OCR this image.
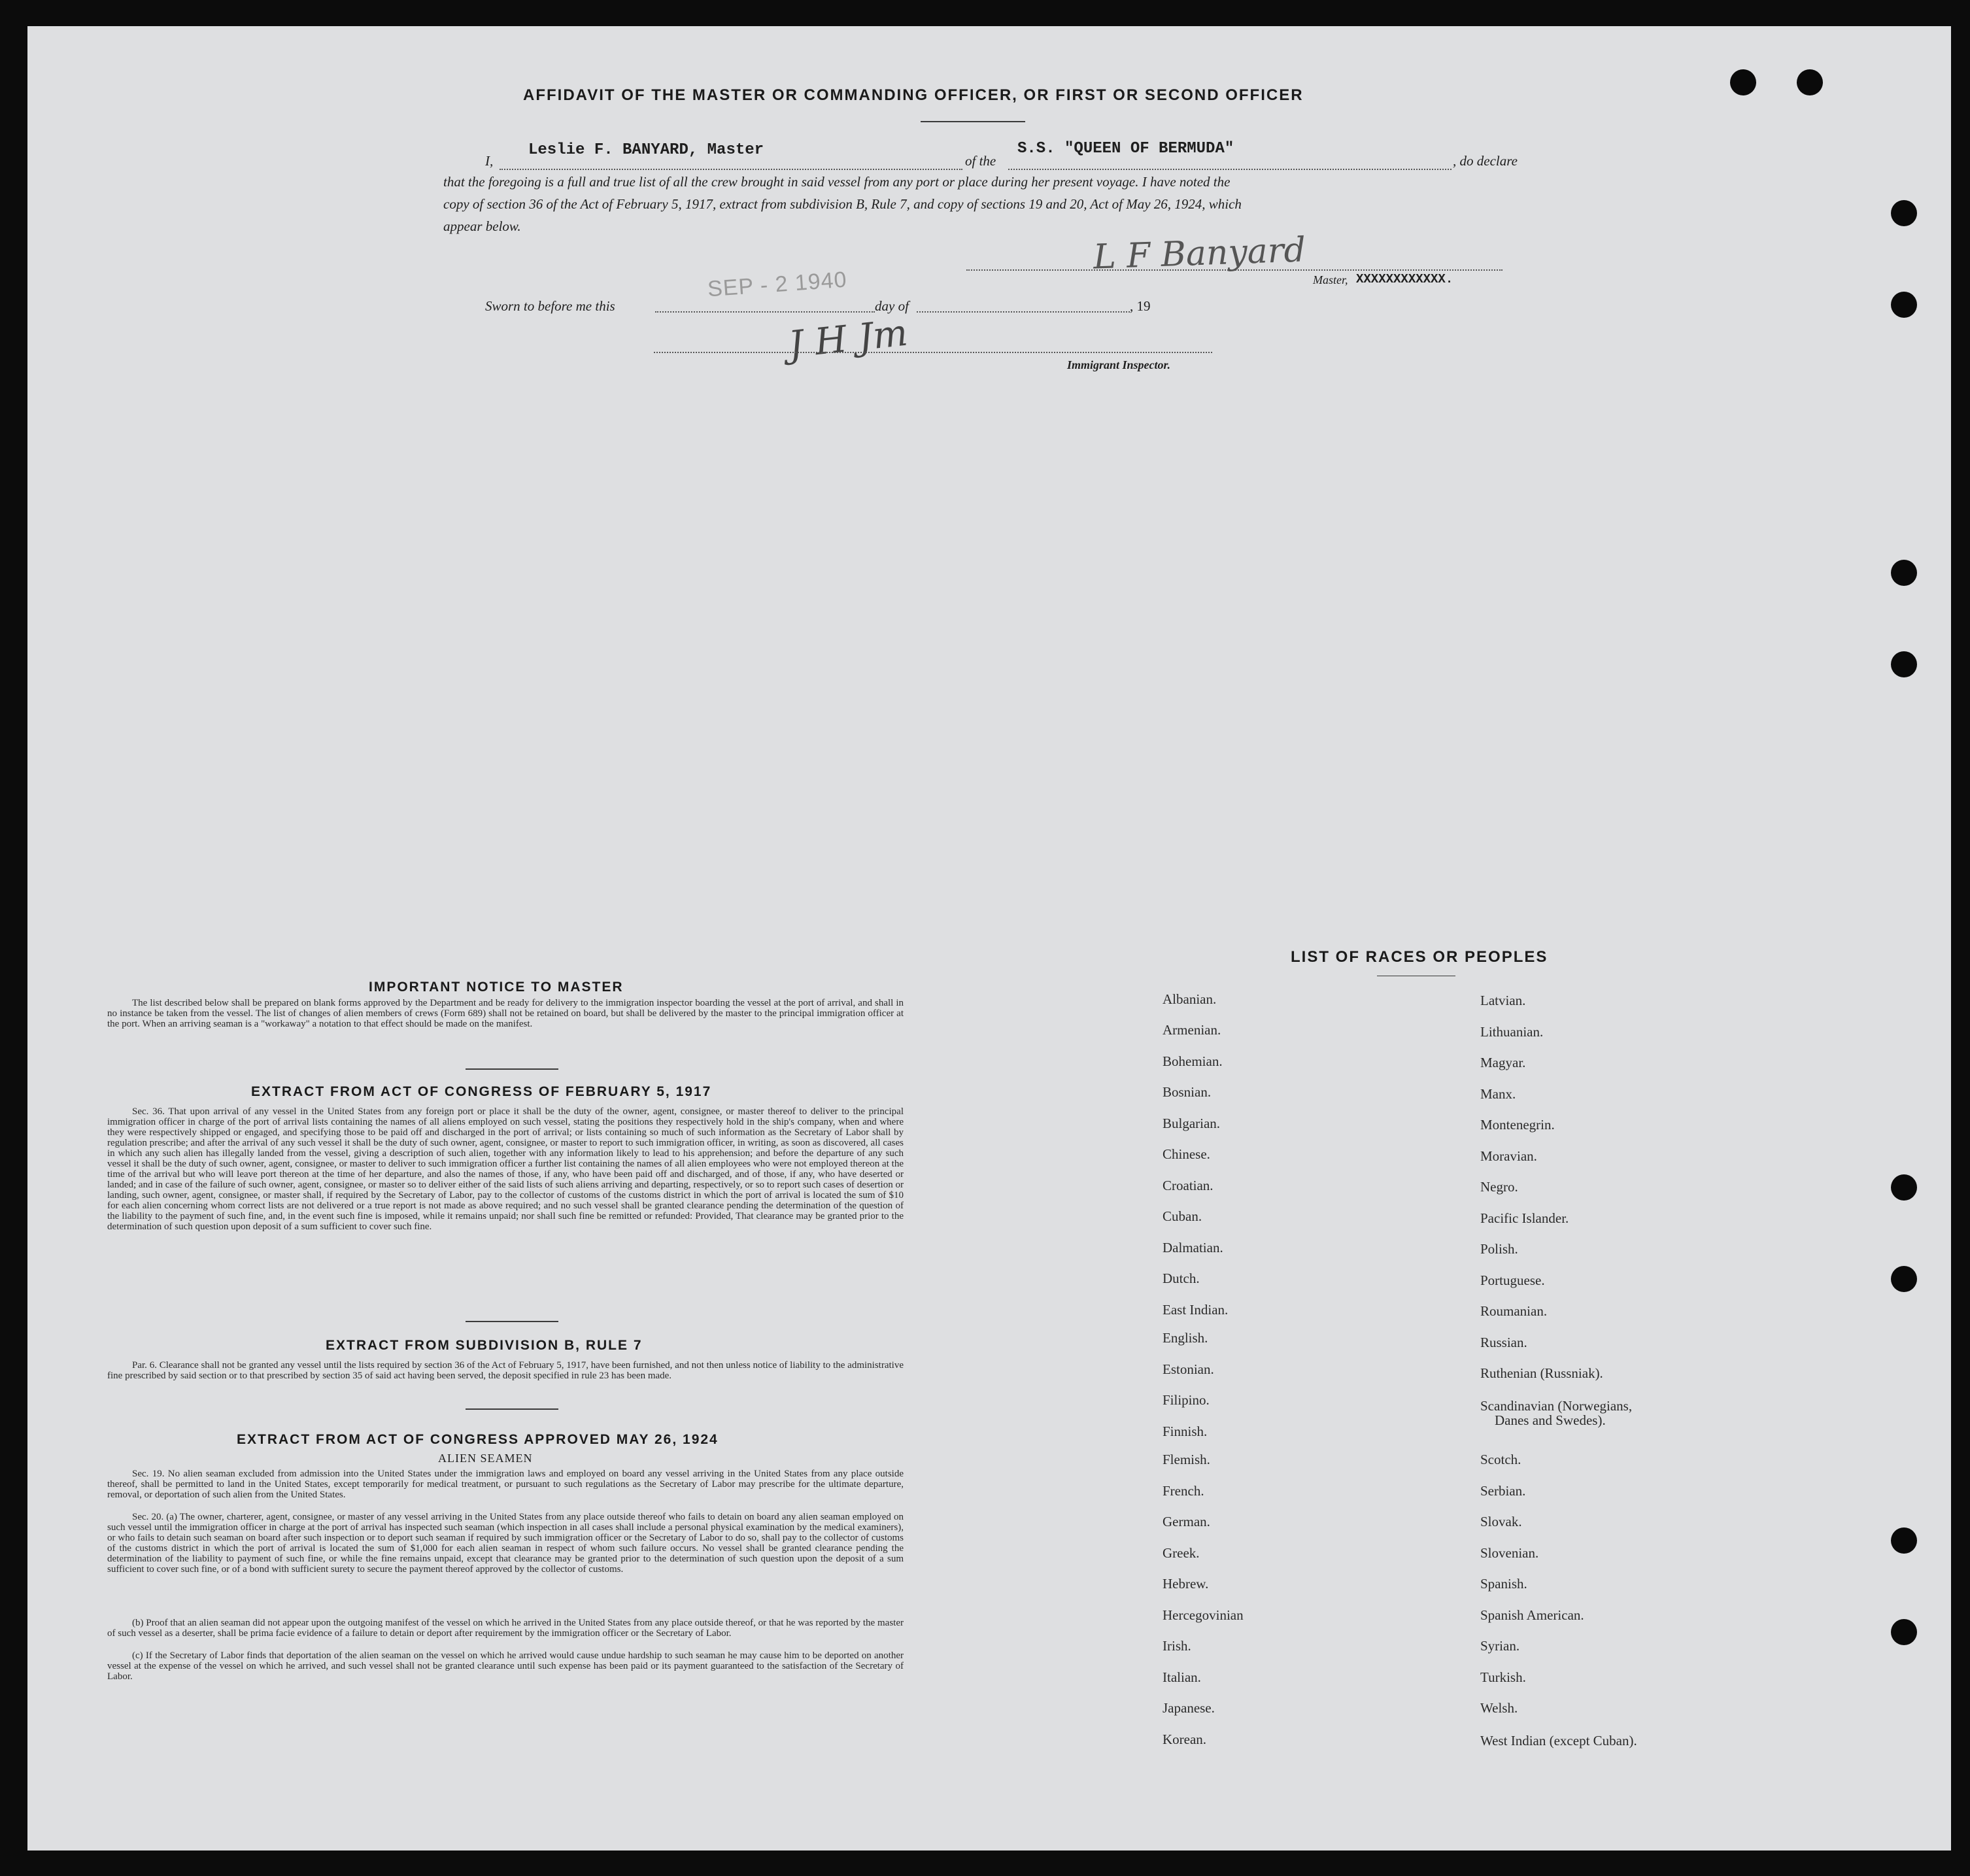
AFFIDAVIT OF THE MASTER OR COMMANDING OFFICER, OR FIRST OR SECOND OFFICER
I,
Leslie F. BANYARD, Master
of the
S.S. "QUEEN OF BERMUDA"
, do declare
that the foregoing is a full and true list of all the crew brought in said vessel from any port or place during her present voyage. I have noted the
copy of section 36 of the Act of February 5, 1917, extract from subdivision B, Rule 7, and copy of sections 19 and 20, Act of May 26, 1924, which
appear below.
L F Banyard
Master, XXXXXXXXXXXX.
Sworn to before me this
SEP - 2 1940
day of	, 19
J H Jm	Immigrant Inspector.
IMPORTANT NOTICE TO MASTER
The list described below shall be prepared on blank forms approved by the Department and be ready for delivery to the immigration inspector boarding the vessel at the port of arrival, and shall in no instance be taken from the vessel. The list of changes of alien members of crews (Form 689) shall not be retained on board, but shall be delivered by the master to the principal immigration officer at the port. When an arriving seaman is a "workaway" a notation to that effect should be made on the manifest.
EXTRACT FROM ACT OF CONGRESS OF FEBRUARY 5, 1917
Sec. 36. That upon arrival of any vessel in the United States from any foreign port or place it shall be the duty of the owner, agent, consignee, or master thereof to deliver to the principal immigration officer in charge of the port of arrival lists containing the names of all aliens employed on such vessel, stating the positions they respectively hold in the ship's company, when and where they were respectively shipped or engaged, and specifying those to be paid off and discharged in the port of arrival; or lists containing so much of such information as the Secretary of Labor shall by regulation prescribe; and after the arrival of any such vessel it shall be the duty of such owner, agent, consignee, or master to report to such immigration officer, in writing, as soon as discovered, all cases in which any such alien has illegally landed from the vessel, giving a description of such alien, together with any information likely to lead to his apprehension; and before the departure of any such vessel it shall be the duty of such owner, agent, consignee, or master to deliver to such immigration officer a further list containing the names of all alien employees who were not employed thereon at the time of the arrival but who will leave port thereon at the time of her departure, and also the names of those, if any, who have been paid off and discharged, and of those, if any, who have deserted or landed; and in case of the failure of such owner, agent, consignee, or master so to deliver either of the said lists of such aliens arriving and departing, respectively, or so to report such cases of desertion or landing, such owner, agent, consignee, or master shall, if required by the Secretary of Labor, pay to the collector of customs of the customs district in which the port of arrival is located the sum of $10 for each alien concerning whom correct lists are not delivered or a true report is not made as above required; and no such vessel shall be granted clearance pending the determination of the question of the liability to the payment of such fine, and, in the event such fine is imposed, while it remains unpaid; nor shall such fine be remitted or refunded: Provided, That clearance may be granted prior to the determination of such question upon deposit of a sum sufficient to cover such fine.
EXTRACT FROM SUBDIVISION B, RULE 7
Par. 6. Clearance shall not be granted any vessel until the lists required by section 36 of the Act of February 5, 1917, have been furnished, and not then unless notice of liability to the administrative fine prescribed by said section or to that prescribed by section 35 of said act having been served, the deposit specified in rule 23 has been made.
EXTRACT FROM ACT OF CONGRESS APPROVED MAY 26, 1924
ALIEN SEAMEN
Sec. 19. No alien seaman excluded from admission into the United States under the immigration laws and employed on board any vessel arriving in the United States from any place outside thereof, shall be permitted to land in the United States, except temporarily for medical treatment, or pursuant to such regulations as the Secretary of Labor may prescribe for the ultimate departure, removal, or deportation of such alien from the United States.
Sec. 20. (a) The owner, charterer, agent, consignee, or master of any vessel arriving in the United States from any place outside thereof who fails to detain on board any alien seaman employed on such vessel until the immigration officer in charge at the port of arrival has inspected such seaman (which inspection in all cases shall include a personal physical examination by the medical examiners), or who fails to detain such seaman on board after such inspection or to deport such seaman if required by such immigration officer or the Secretary of Labor to do so, shall pay to the collector of customs of the customs district in which the port of arrival is located the sum of $1,000 for each alien seaman in respect of whom such failure occurs. No vessel shall be granted clearance pending the determination of the liability to payment of such fine, or while the fine remains unpaid, except that clearance may be granted prior to the determination of such question upon the deposit of a sum sufficient to cover such fine, or of a bond with sufficient surety to secure the payment thereof approved by the collector of customs.
(b) Proof that an alien seaman did not appear upon the outgoing manifest of the vessel on which he arrived in the United States from any place outside thereof, or that he was reported by the master of such vessel as a deserter, shall be prima facie evidence of a failure to detain or deport after requirement by the immigration officer or the Secretary of Labor.
(c) If the Secretary of Labor finds that deportation of the alien seaman on the vessel on which he arrived would cause undue hardship to such seaman he may cause him to be deported on another vessel at the expense of the vessel on which he arrived, and such vessel shall not be granted clearance until such expense has been paid or its payment guaranteed to the satisfaction of the Secretary of Labor.
LIST OF RACES OR PEOPLES
Albanian.
Armenian.
Bohemian.
Bosnian.
Bulgarian.
Chinese.
Croatian.
Cuban.
Dalmatian.
Dutch.
East Indian.
English.
Estonian.
Filipino.
Finnish.
Flemish.
French.
German.
Greek.
Hebrew.
Hercegovinian
Irish.
Italian.
Japanese.
Korean.
Latvian.
Lithuanian.
Magyar.
Manx.
Montenegrin.
Moravian.
Negro.
Pacific Islander.
Polish.
Portuguese.
Roumanian.
Russian.
Ruthenian (Russniak).
Scandinavian (Norwegians,
Danes and Swedes).
Scotch.
Serbian.
Slovak.
Slovenian.
Spanish.
Spanish American.
Syrian.
Turkish.
Welsh.
West Indian (except Cuban).
